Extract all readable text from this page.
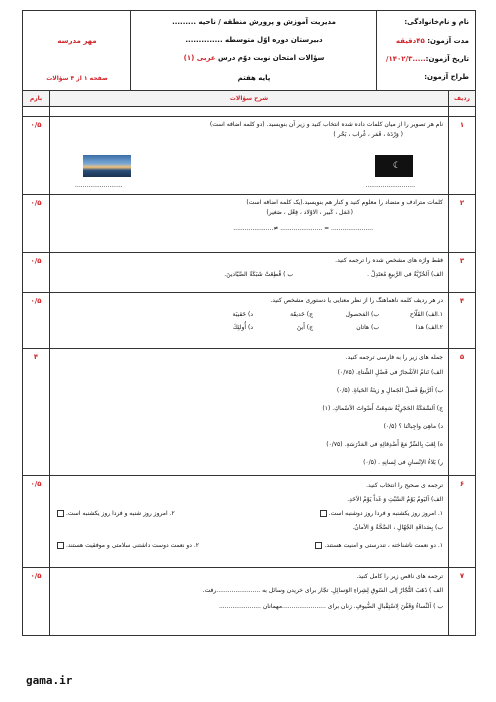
نام و نام‌خانوادگی:
مدت آزمون: ۴۵دقیقه
تاریخ آزمون:.....۱۴۰۲/۳/
طراح آزمون:
مدیریت آموزش و پرورش منطقه / ناحیه .........
دبیرستان دوره اوّل متوسطه ..............
سؤالات امتحان نوبت دوّم درس عربی (۱)
پایه هفتم
مهر مدرسه
صفحه ۱ از ۴ سؤالات
ردیف
شرح سؤالات
بارم
۱
۰/۵	نام هر تصویر را از میان کلمات داده شده انتخاب کنید و زیر آن بنویسید. (دو کلمه اضافه است)
( وَرْدَة ، قَمَر ، غُراب ، بَحْر )
☾
..........................
.........................
۲
۰/۵	کلمات مترادف و متضاد را معلوم کنید و کنار هم بنویسید.(یک کلمه اضافه است)
(عَمَل ، کَبیر ، الاوْلاد ، فِعْل ، صَغیر)
...................... = ...................... ≠.....................
۳
۰/۵	فقط واژه های مشخص شده را ترجمه کنید.
الف) اَلحُرِّیَّةُ فی الرَّبیعِ مُعتَدِلٌ .
ب ) قُطِعَتْ شَبَكَةُ الصَّیّادینَ.
۴
۰/۵	در هر ردیف کلمه ناهماهنگ را از نظر معنایی یا دستوری مشخص کنید.
۱.الف) الفَلّاح
ب) المَحصول
ج) حَدیقَة
د) حَقیبَة
۲.الف) هذا
ب) هاتان
ج) أَینَ
د) أُولئِكَ
۵
۴	جمله های زیر را به فارسی ترجمه کنید.
الف) تَنامُ الاَشْجارُ فی فَصْلِ الشِّتاءِ. (۰/۷۵)
ب) اَلرَّبیعُ فَصلُ الجَمالِ و زینَةُ الحَیاةِ. (۰/۵)
ج) اَلسَّمَكَةُ الحَجَرِیَّةُ سَمِعَتْ أَصْواتَ الاَسْماكِ. (۱)
د) ماهِیَ واجِباتُنا ؟ (۰/۵)
ه) لِعَبَ بِالسِّرِّ مَعَ أَصْدِقائِهِ فی المَدْرَسَةِ. (۰/۷۵)
ر) بَلاءُ الاِنْسانِ فی لِسانِهِ . (۰/۵)
۶
۰/۵	ترجمه ی صحیح را انتخاب کنید.
الف) اَلیَومُ یَوْمُ السَّبْتِ وَ غَداً یَوْمُ الاَحَدِ.
۱. امروز روز یکشنبه و فردا روز دوشنبه است.
۲. امروز روز شنبه و فردا روز یکشنبه است.
ب) بِصَداقَةِ الجُهّالِ ، الصَّحَّةُ وَ الاَمانُ.
۱. دو نعمت ناشناخته ، تندرستی و امنیت هستند.
۲. دو نعمت دوست داشتنی سلامتی و موفقیت هستند.
۷
۰/۵	ترجمه های ناقص زیر را کامل کنید.
الف ) ذَهَبَ التُّجّارُ إلی السّوقِ لِشِراءِ الوَسائِلِ. تجّار برای خریدن وسائل به .......................رفت.
ب ) اَلنِّساءُ وَقَفْنَ لِاسْتِقْبالِ الضُّیوفِ. زنان برای .......................مهمانان ......................
gama.ir
